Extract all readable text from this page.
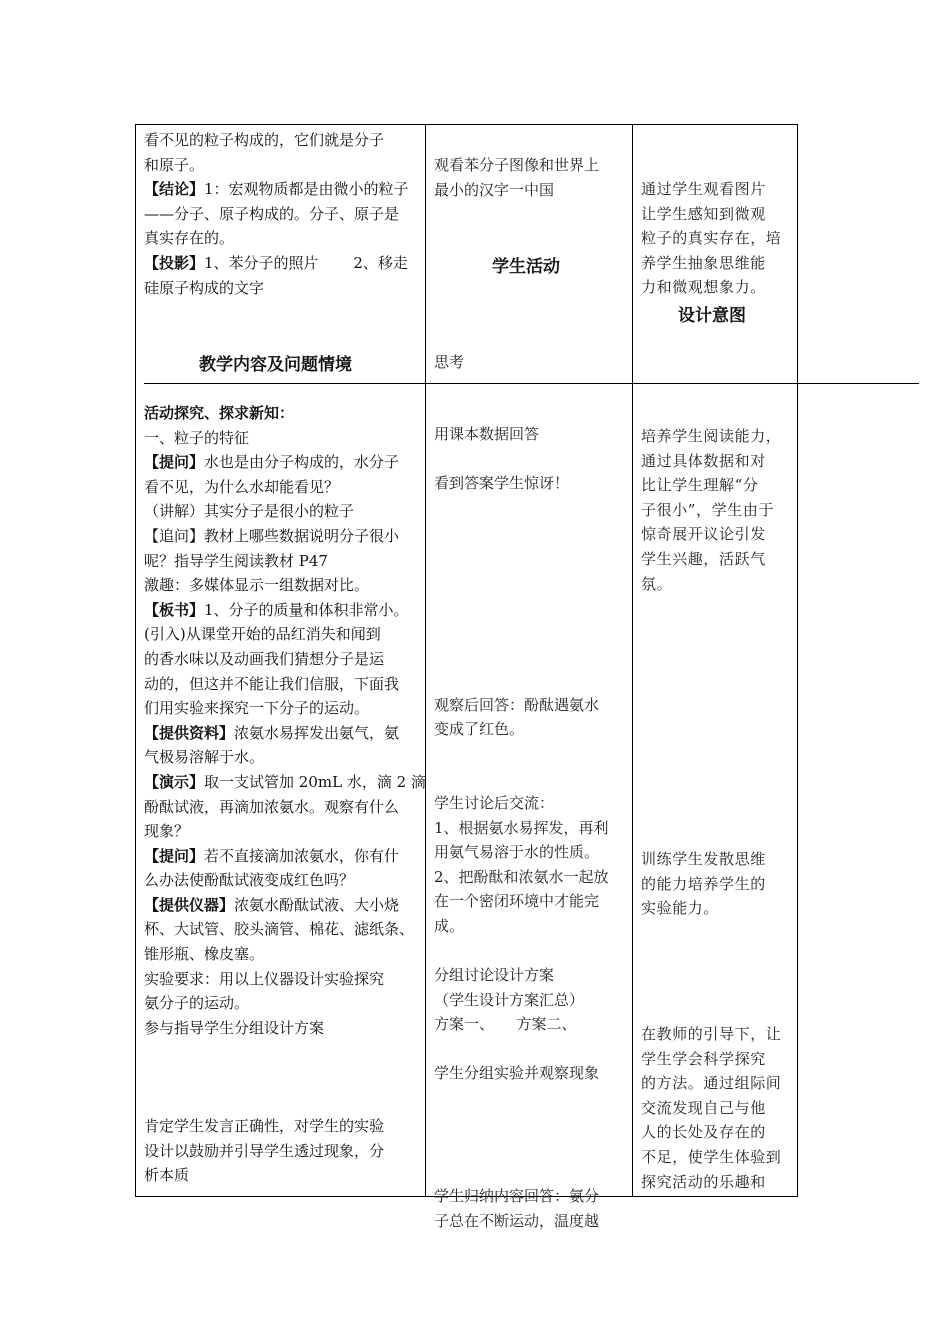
看不见的粒子构成的，它们就是分子

和原子。

【结论】1：宏观物质都是由微小的粒子

——分子、原子构成的。分子、原子是

真实存在的。

【投影】1、苯分子的照片　　 2、移走

硅原子构成的文字

观看苯分子图像和世界上

最小的汉字一中国

思考

通过学生观看图片

让学生感知到微观

粒子的真实存在，培

养学生抽象思维能

力和微观想象力。

教学内容及问题情境
学生活动
设计意图

活动探究、探求新知：

一、粒子的特征

【提问】水也是由分子构成的，水分子

看不见，为什么水却能看见？

（讲解）其实分子是很小的粒子

【追问】教材上哪些数据说明分子很小

呢？指导学生阅读教材 P47

激趣：多媒体显示一组数据对比。

【板书】1、分子的质量和体积非常小。

(引入)从课堂开始的品红消失和闻到

的香水味以及动画我们猜想分子是运

动的，但这并不能让我们信服，下面我

们用实验来探究一下分子的运动。

【提供资料】浓氨水易挥发出氨气，氨

气极易溶解于水。

【演示】取一支试管加 20mL 水，滴 2 滴

酚酞试液，再滴加浓氨水。观察有什么

现象？

【提问】若不直接滴加浓氨水，你有什

么办法使酚酞试液变成红色吗？

【提供仪器】浓氨水酚酞试液、大小烧

杯、大试管、胶头滴管、棉花、滤纸条、

锥形瓶、橡皮塞。

实验要求：用以上仪器设计实验探究

氨分子的运动。

参与指导学生分组设计方案

肯定学生发言正确性，对学生的实验

设计以鼓励并引导学生透过现象，分

析本质

用课本数据回答

看到答案学生惊讶！

观察后回答：酚酞遇氨水

变成了红色。

学生讨论后交流：

1、根据氨水易挥发，再利

用氨气易溶于水的性质。

2、把酚酞和浓氨水一起放

在一个密闭环境中才能完

成。

分组讨论设计方案

（学生设计方案汇总）

方案一、　　方案二、

学生分组实验并观察现象

学生归纳内容回答：氨分

子总在不断运动，温度越

培养学生阅读能力，

通过具体数据和对

比让学生理解“分

子很小”，学生由于

惊奇展开议论引发

学生兴趣，活跃气

氛。

训练学生发散思维

的能力培养学生的

实验能力。

在教师的引导下，让

学生学会科学探究

的方法。通过组际间

交流发现自己与他

人的长处及存在的

不足，使学生体验到

探究活动的乐趣和
